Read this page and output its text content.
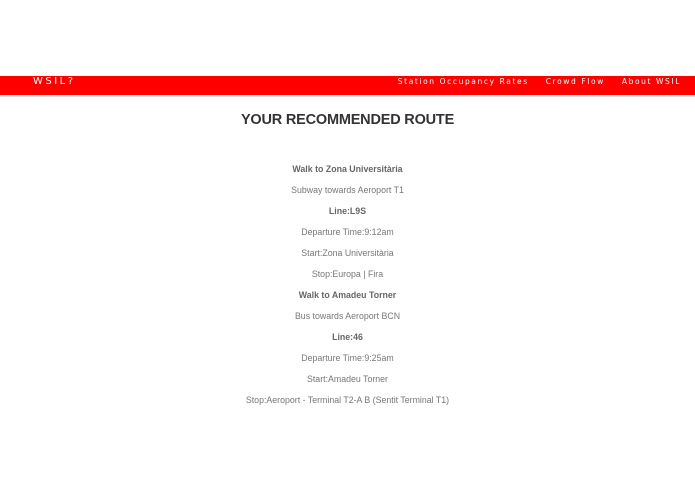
WSIL?	Station Occupancy Rates Crowd Flow About WSIL
YOUR RECOMMENDED ROUTE
Walk to Zona Universitària
Subway towards Aeroport T1
Line:L9S
Departure Time:9:12am
Start:Zona Universitària
Stop:Europa | Fira
Walk to Amadeu Torner
Bus towards Aeroport BCN
Line:46
Departure Time:9:25am
Start:Amadeu Torner
Stop:Aeroport - Terminal T2-A B (Sentit Terminal T1)
